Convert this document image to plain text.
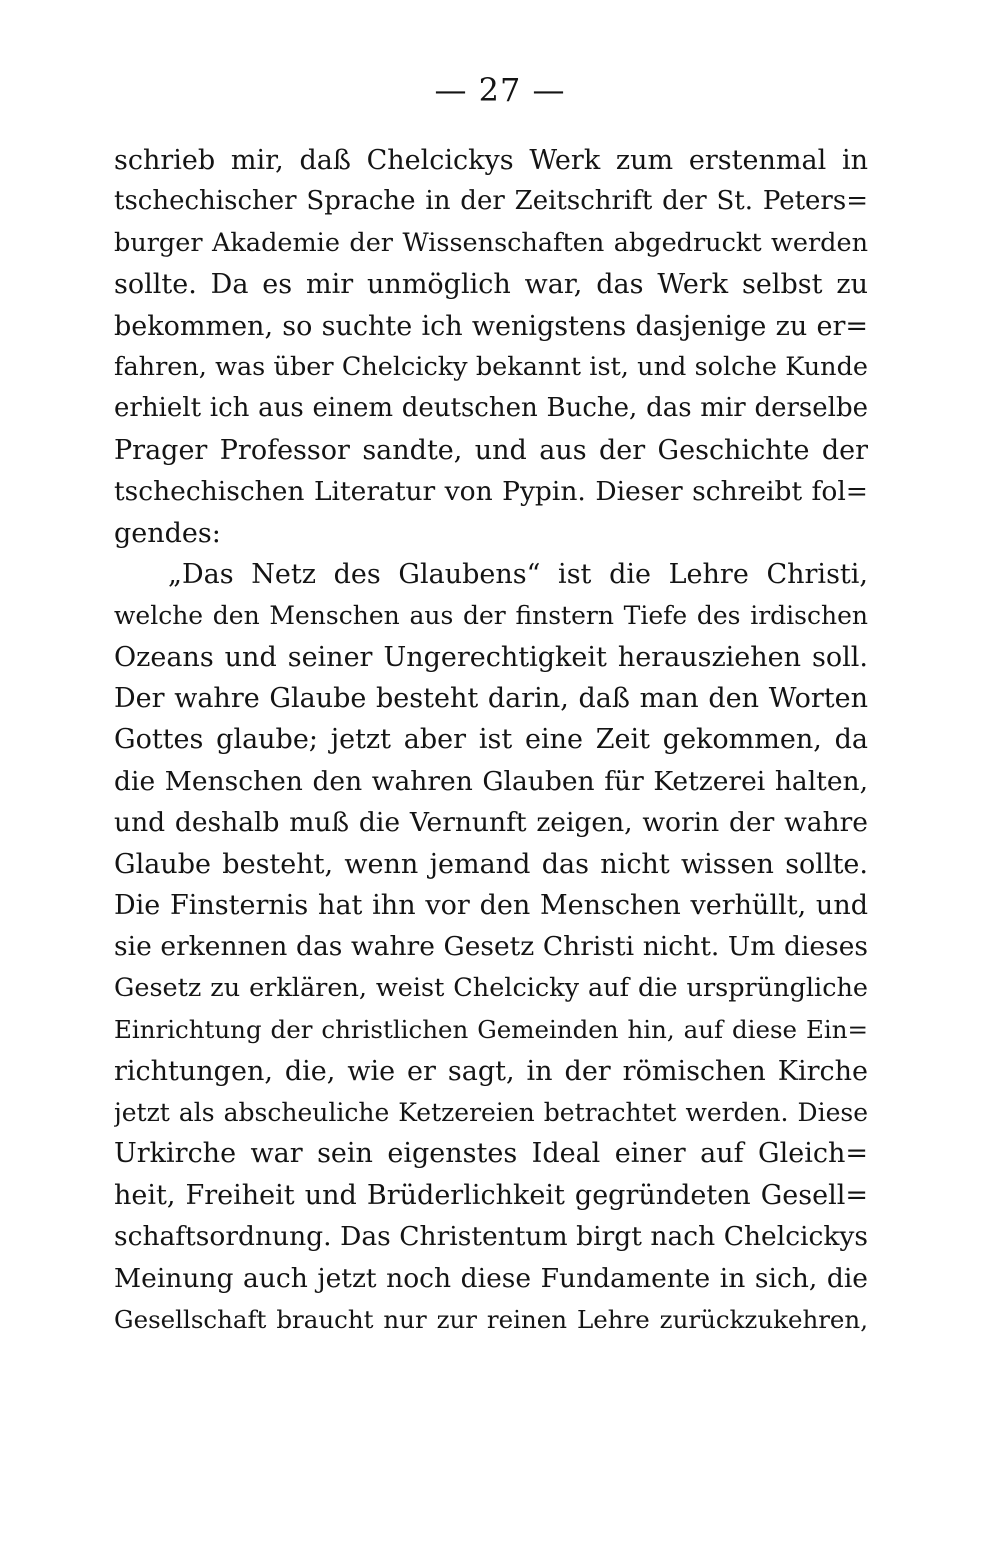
— 27 —
schrieb mir, daß Chelcickys Werk zum erstenmal in
tschechischer Sprache in der Zeitschrift der St. Peters=
burger Akademie der Wissenschaften abgedruckt werden
sollte. Da es mir unmöglich war, das Werk selbst zu
bekommen, so suchte ich wenigstens dasjenige zu er=
fahren, was über Chelcicky bekannt ist, und solche Kunde
erhielt ich aus einem deutschen Buche, das mir derselbe
Prager Professor sandte, und aus der Geschichte der
tschechischen Literatur von Pypin. Dieser schreibt fol=
gendes:
„Das Netz des Glaubens“ ist die Lehre Christi,
welche den Menschen aus der finstern Tiefe des irdischen
Ozeans und seiner Ungerechtigkeit herausziehen soll.
Der wahre Glaube besteht darin, daß man den Worten
Gottes glaube; jetzt aber ist eine Zeit gekommen, da
die Menschen den wahren Glauben für Ketzerei halten,
und deshalb muß die Vernunft zeigen, worin der wahre
Glaube besteht, wenn jemand das nicht wissen sollte.
Die Finsternis hat ihn vor den Menschen verhüllt, und
sie erkennen das wahre Gesetz Christi nicht. Um dieses
Gesetz zu erklären, weist Chelcicky auf die ursprüngliche
Einrichtung der christlichen Gemeinden hin, auf diese Ein=
richtungen, die, wie er sagt, in der römischen Kirche
jetzt als abscheuliche Ketzereien betrachtet werden. Diese
Urkirche war sein eigenstes Ideal einer auf Gleich=
heit, Freiheit und Brüderlichkeit gegründeten Gesell=
schaftsordnung. Das Christentum birgt nach Chelcickys
Meinung auch jetzt noch diese Fundamente in sich, die
Gesellschaft braucht nur zur reinen Lehre zurückzukehren,
